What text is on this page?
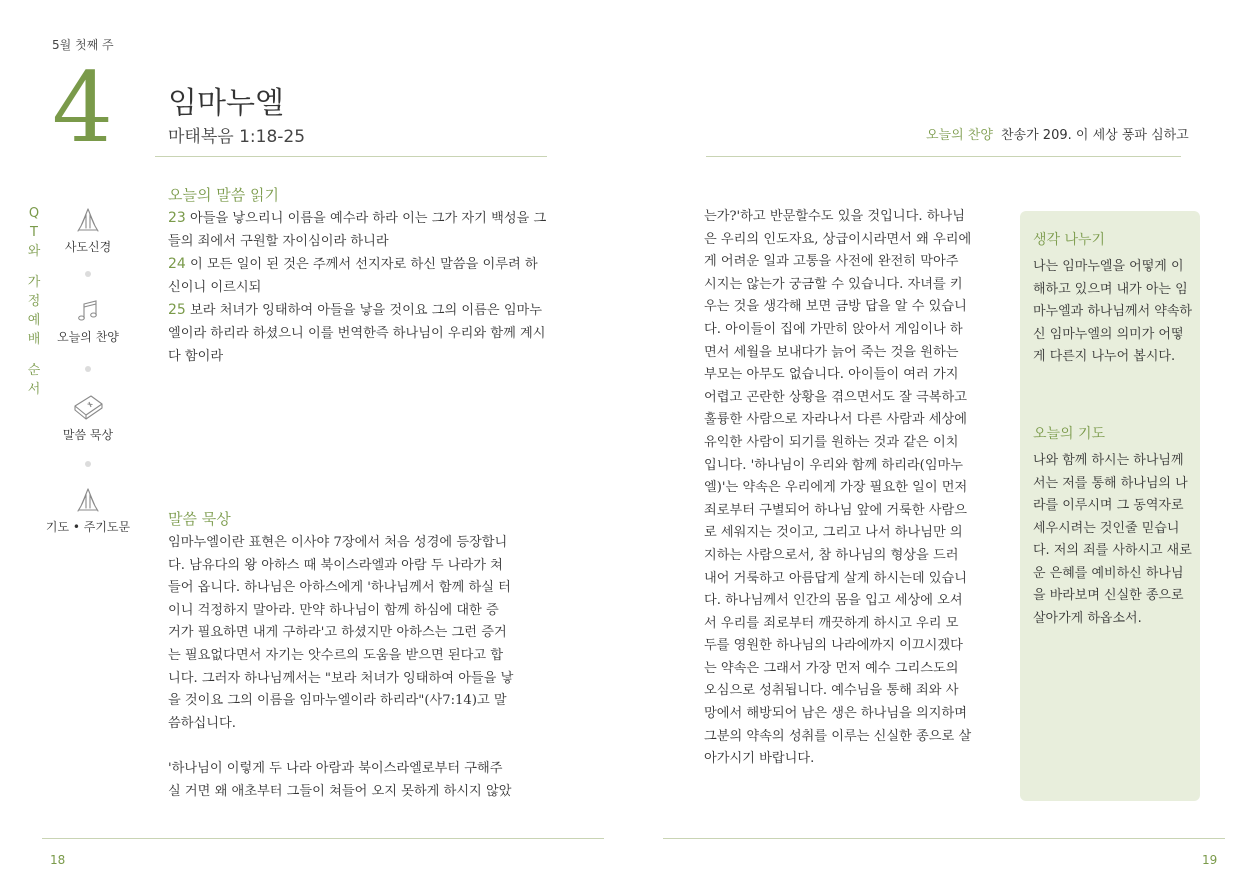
5월 첫째 주
4 임마누엘
마태복음 1:18-25
Q
T
와
가
정
예
배
순
서
사도신경
오늘의 찬양
말씀 묵상
기도 • 주기도문
오늘의 말씀 읽기
23 아들을 낳으리니 이름을 예수라 하라 이는 그가 자기 백성을 그들의 죄에서 구원할 자이심이라 하니라
24 이 모든 일이 된 것은 주께서 선지자로 하신 말씀을 이루려 하신이니 이르시되
25 보라 처녀가 잉태하여 아들을 낳을 것이요 그의 이름은 임마누엘이라 하리라 하셨으니 이를 번역한즉 하나님이 우리와 함께 계시다 함이라
말씀 묵상
임마누엘이란 표현은 이사야 7장에서 처음 성경에 등장합니
다. 남유다의 왕 아하스 때 북이스라엘과 아람 두 나라가 쳐
들어 옵니다. 하나님은 아하스에게 '하나님께서 함께 하실 터
이니 걱정하지 말아라. 만약 하나님이 함께 하심에 대한 증
거가 필요하면 내게 구하라'고 하셨지만 아하스는 그런 증거
는 필요없다면서 자기는 앗수르의 도움을 받으면 된다고 합
니다. 그러자 하나님께서는 "보라 처녀가 잉태하여 아들을 낳
을 것이요 그의 이름을 임마누엘이라 하리라"(사7:14)고 말
씀하십니다.
'하나님이 이렇게 두 나라 아람과 북이스라엘로부터 구해주
실 거면 왜 애초부터 그들이 쳐들어 오지 못하게 하시지 않았
18
오늘의 찬양 찬송가 209. 이 세상 풍파 심하고
는가?'하고 반문할수도 있을 것입니다. 하나님
은 우리의 인도자요, 상급이시라면서 왜 우리에
게 어려운 일과 고통을 사전에 완전히 막아주
시지는 않는가 궁금할 수 있습니다. 자녀를 키
우는 것을 생각해 보면 금방 답을 알 수 있습니
다. 아이들이 집에 가만히 앉아서 게임이나 하
면서 세월을 보내다가 늙어 죽는 것을 원하는
부모는 아무도 없습니다. 아이들이 여러 가지
어렵고 곤란한 상황을 겪으면서도 잘 극복하고
훌륭한 사람으로 자라나서 다른 사람과 세상에
유익한 사람이 되기를 원하는 것과 같은 이치
입니다. '하나님이 우리와 함께 하리라(임마누
엘)'는 약속은 우리에게 가장 필요한 일이 먼저
죄로부터 구별되어 하나님 앞에 거룩한 사람으
로 세워지는 것이고, 그리고 나서 하나님만 의
지하는 사람으로서, 참 하나님의 형상을 드러
내어 거룩하고 아름답게 살게 하시는데 있습니
다. 하나님께서 인간의 몸을 입고 세상에 오셔
서 우리를 죄로부터 깨끗하게 하시고 우리 모
두를 영원한 하나님의 나라에까지 이끄시겠다
는 약속은 그래서 가장 먼저 예수 그리스도의
오심으로 성취됩니다. 예수님을 통해 죄와 사
망에서 해방되어 남은 생은 하나님을 의지하며
그분의 약속의 성취를 이루는 신실한 종으로 살
아가시기 바랍니다.
생각 나누기
나는 임마누엘을 어떻게 이
해하고 있으며 내가 아는 임
마누엘과 하나님께서 약속하
신 임마누엘의 의미가 어떻
게 다른지 나누어 봅시다.
오늘의 기도
나와 함께 하시는 하나님께
서는 저를 통해 하나님의 나
라를 이루시며 그 동역자로
세우시려는 것인줄 믿습니
다. 저의 죄를 사하시고 새로
운 은혜를 예비하신 하나님
을 바라보며 신실한 종으로
살아가게 하옵소서.
19
